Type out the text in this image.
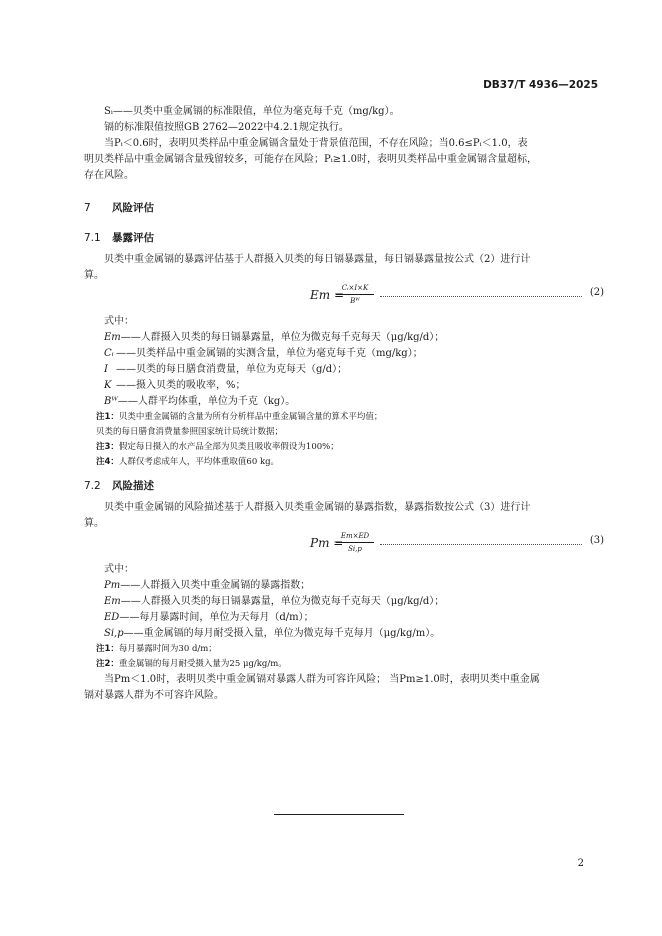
DB37/T 4936—2025
Sᵢ——贝类中重金属镉的标准限值，单位为毫克每千克（mg/kg）。
镉的标准限值按照GB 2762—2022中4.2.1规定执行。
当Pᵢ＜0.6时，表明贝类样品中重金属镉含量处于背景值范围，不存在风险；当0.6≤Pᵢ＜1.0，表
明贝类样品中重金属镉含量残留较多，可能存在风险；Pᵢ≥1.0时，表明贝类样品中重金属镉含量超标，
存在风险。
7 风险评估
7.1 暴露评估
贝类中重金属镉的暴露评估基于人群摄入贝类的每日镉暴露量，每日镉暴露量按公式（2）进行计
算。
Em =
Cᵢ×I×K
Bᵂ
(2)
式中：
Em——人群摄入贝类的每日镉暴露量，单位为微克每千克每天（μg/kg/d）；
Cᵢ ——贝类样品中重金属镉的实测含量，单位为毫克每千克（mg/kg）；
I ——贝类的每日膳食消费量，单位为克每天（g/d）；
K ——摄入贝类的吸收率，%；
Bᵂ——人群平均体重，单位为千克（kg）。
注1：贝类中重金属镉的含量为所有分析样品中重金属镉含量的算术平均值；
贝类的每日膳食消费量参照国家统计局统计数据；
注3：假定每日摄入的水产品全部为贝类且吸收率假设为100%；
注4：人群仅考虑成年人，平均体重取值60 kg。
7.2 风险描述
贝类中重金属镉的风险描述基于人群摄入贝类重金属镉的暴露指数，暴露指数按公式（3）进行计
算。
Pm =
Em×ED
Si,p
(3)
式中：
Pm——人群摄入贝类中重金属镉的暴露指数；
Em——人群摄入贝类的每日镉暴露量，单位为微克每千克每天（μg/kg/d）；
ED——每月暴露时间，单位为天每月（d/m）；
Si,p——重金属镉的每月耐受摄入量，单位为微克每千克每月（μg/kg/m）。
注1：每月暴露时间为30 d/m；
注2：重金属镉的每月耐受摄入量为25 μg/kg/m。
当Pm＜1.0时，表明贝类中重金属镉对暴露人群为可容许风险； 当Pm≥1.0时，表明贝类中重金属
镉对暴露人群为不可容许风险。
2
